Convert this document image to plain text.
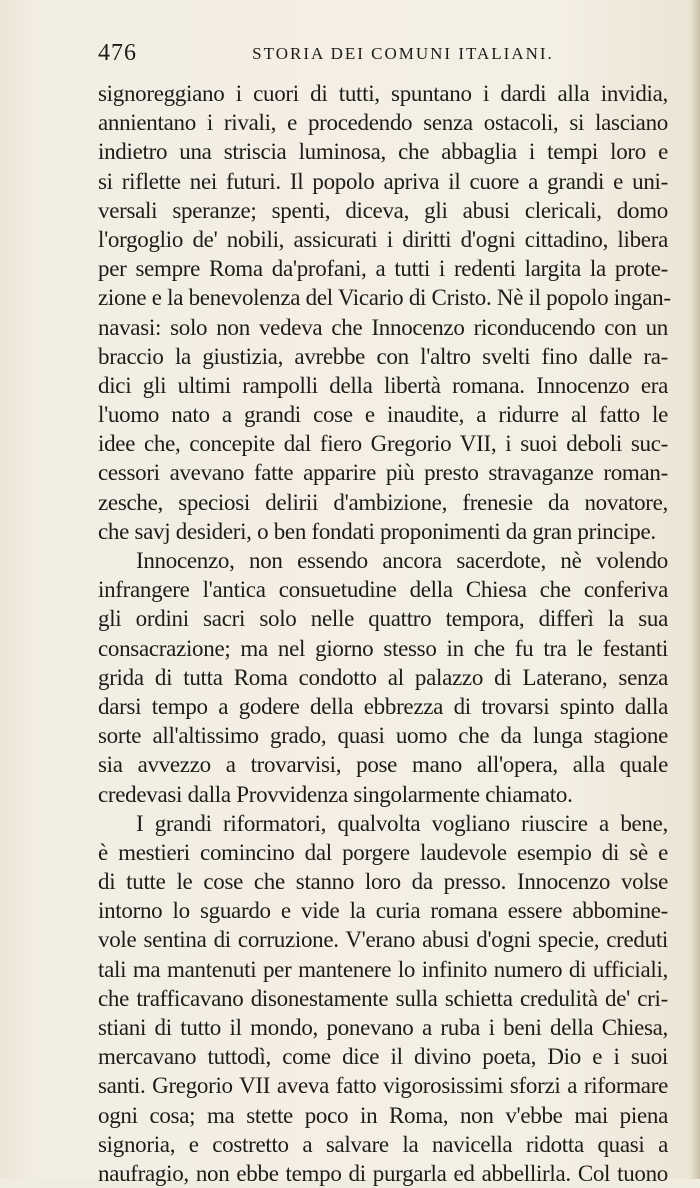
476	STORIA DEI COMUNI ITALIANI.
signoreggiano i cuori di tutti, spuntano i dardi alla invidia,
annientano i rivali, e procedendo senza ostacoli, si lasciano
indietro una striscia luminosa, che abbaglia i tempi loro e
si riflette nei futuri. Il popolo apriva il cuore a grandi e uni-
versali speranze; spenti, diceva, gli abusi clericali, domo
l'orgoglio de' nobili, assicurati i diritti d'ogni cittadino, libera
per sempre Roma da'profani, a tutti i redenti largita la prote-
zione e la benevolenza del Vicario di Cristo. Nè il popolo ingan-
navasi: solo non vedeva che Innocenzo riconducendo con un
braccio la giustizia, avrebbe con l'altro svelti fino dalle ra-
dici gli ultimi rampolli della libertà romana. Innocenzo era
l'uomo nato a grandi cose e inaudite, a ridurre al fatto le
idee che, concepite dal fiero Gregorio VII, i suoi deboli suc-
cessori avevano fatte apparire più presto stravaganze roman-
zesche, speciosi delirii d'ambizione, frenesie da novatore,
che savj desideri, o ben fondati proponimenti da gran principe.
Innocenzo, non essendo ancora sacerdote, nè volendo
infrangere l'antica consuetudine della Chiesa che conferiva
gli ordini sacri solo nelle quattro tempora, differì la sua
consacrazione; ma nel giorno stesso in che fu tra le festanti
grida di tutta Roma condotto al palazzo di Laterano, senza
darsi tempo a godere della ebbrezza di trovarsi spinto dalla
sorte all'altissimo grado, quasi uomo che da lunga stagione
sia avvezzo a trovarvisi, pose mano all'opera, alla quale
credevasi dalla Provvidenza singolarmente chiamato.
I grandi riformatori, qualvolta vogliano riuscire a bene,
è mestieri comincino dal porgere laudevole esempio di sè e
di tutte le cose che stanno loro da presso. Innocenzo volse
intorno lo sguardo e vide la curia romana essere abbomine-
vole sentina di corruzione. V'erano abusi d'ogni specie, creduti
tali ma mantenuti per mantenere lo infinito numero di ufficiali,
che trafficavano disonestamente sulla schietta credulità de' cri-
stiani di tutto il mondo, ponevano a ruba i beni della Chiesa,
mercavano tuttodì, come dice il divino poeta, Dio e i suoi
santi. Gregorio VII aveva fatto vigorosissimi sforzi a riformare
ogni cosa; ma stette poco in Roma, non v'ebbe mai piena
signoria, e costretto a salvare la navicella ridotta quasi a
naufragio, non ebbe tempo di purgarla ed abbellirla. Col tuono
